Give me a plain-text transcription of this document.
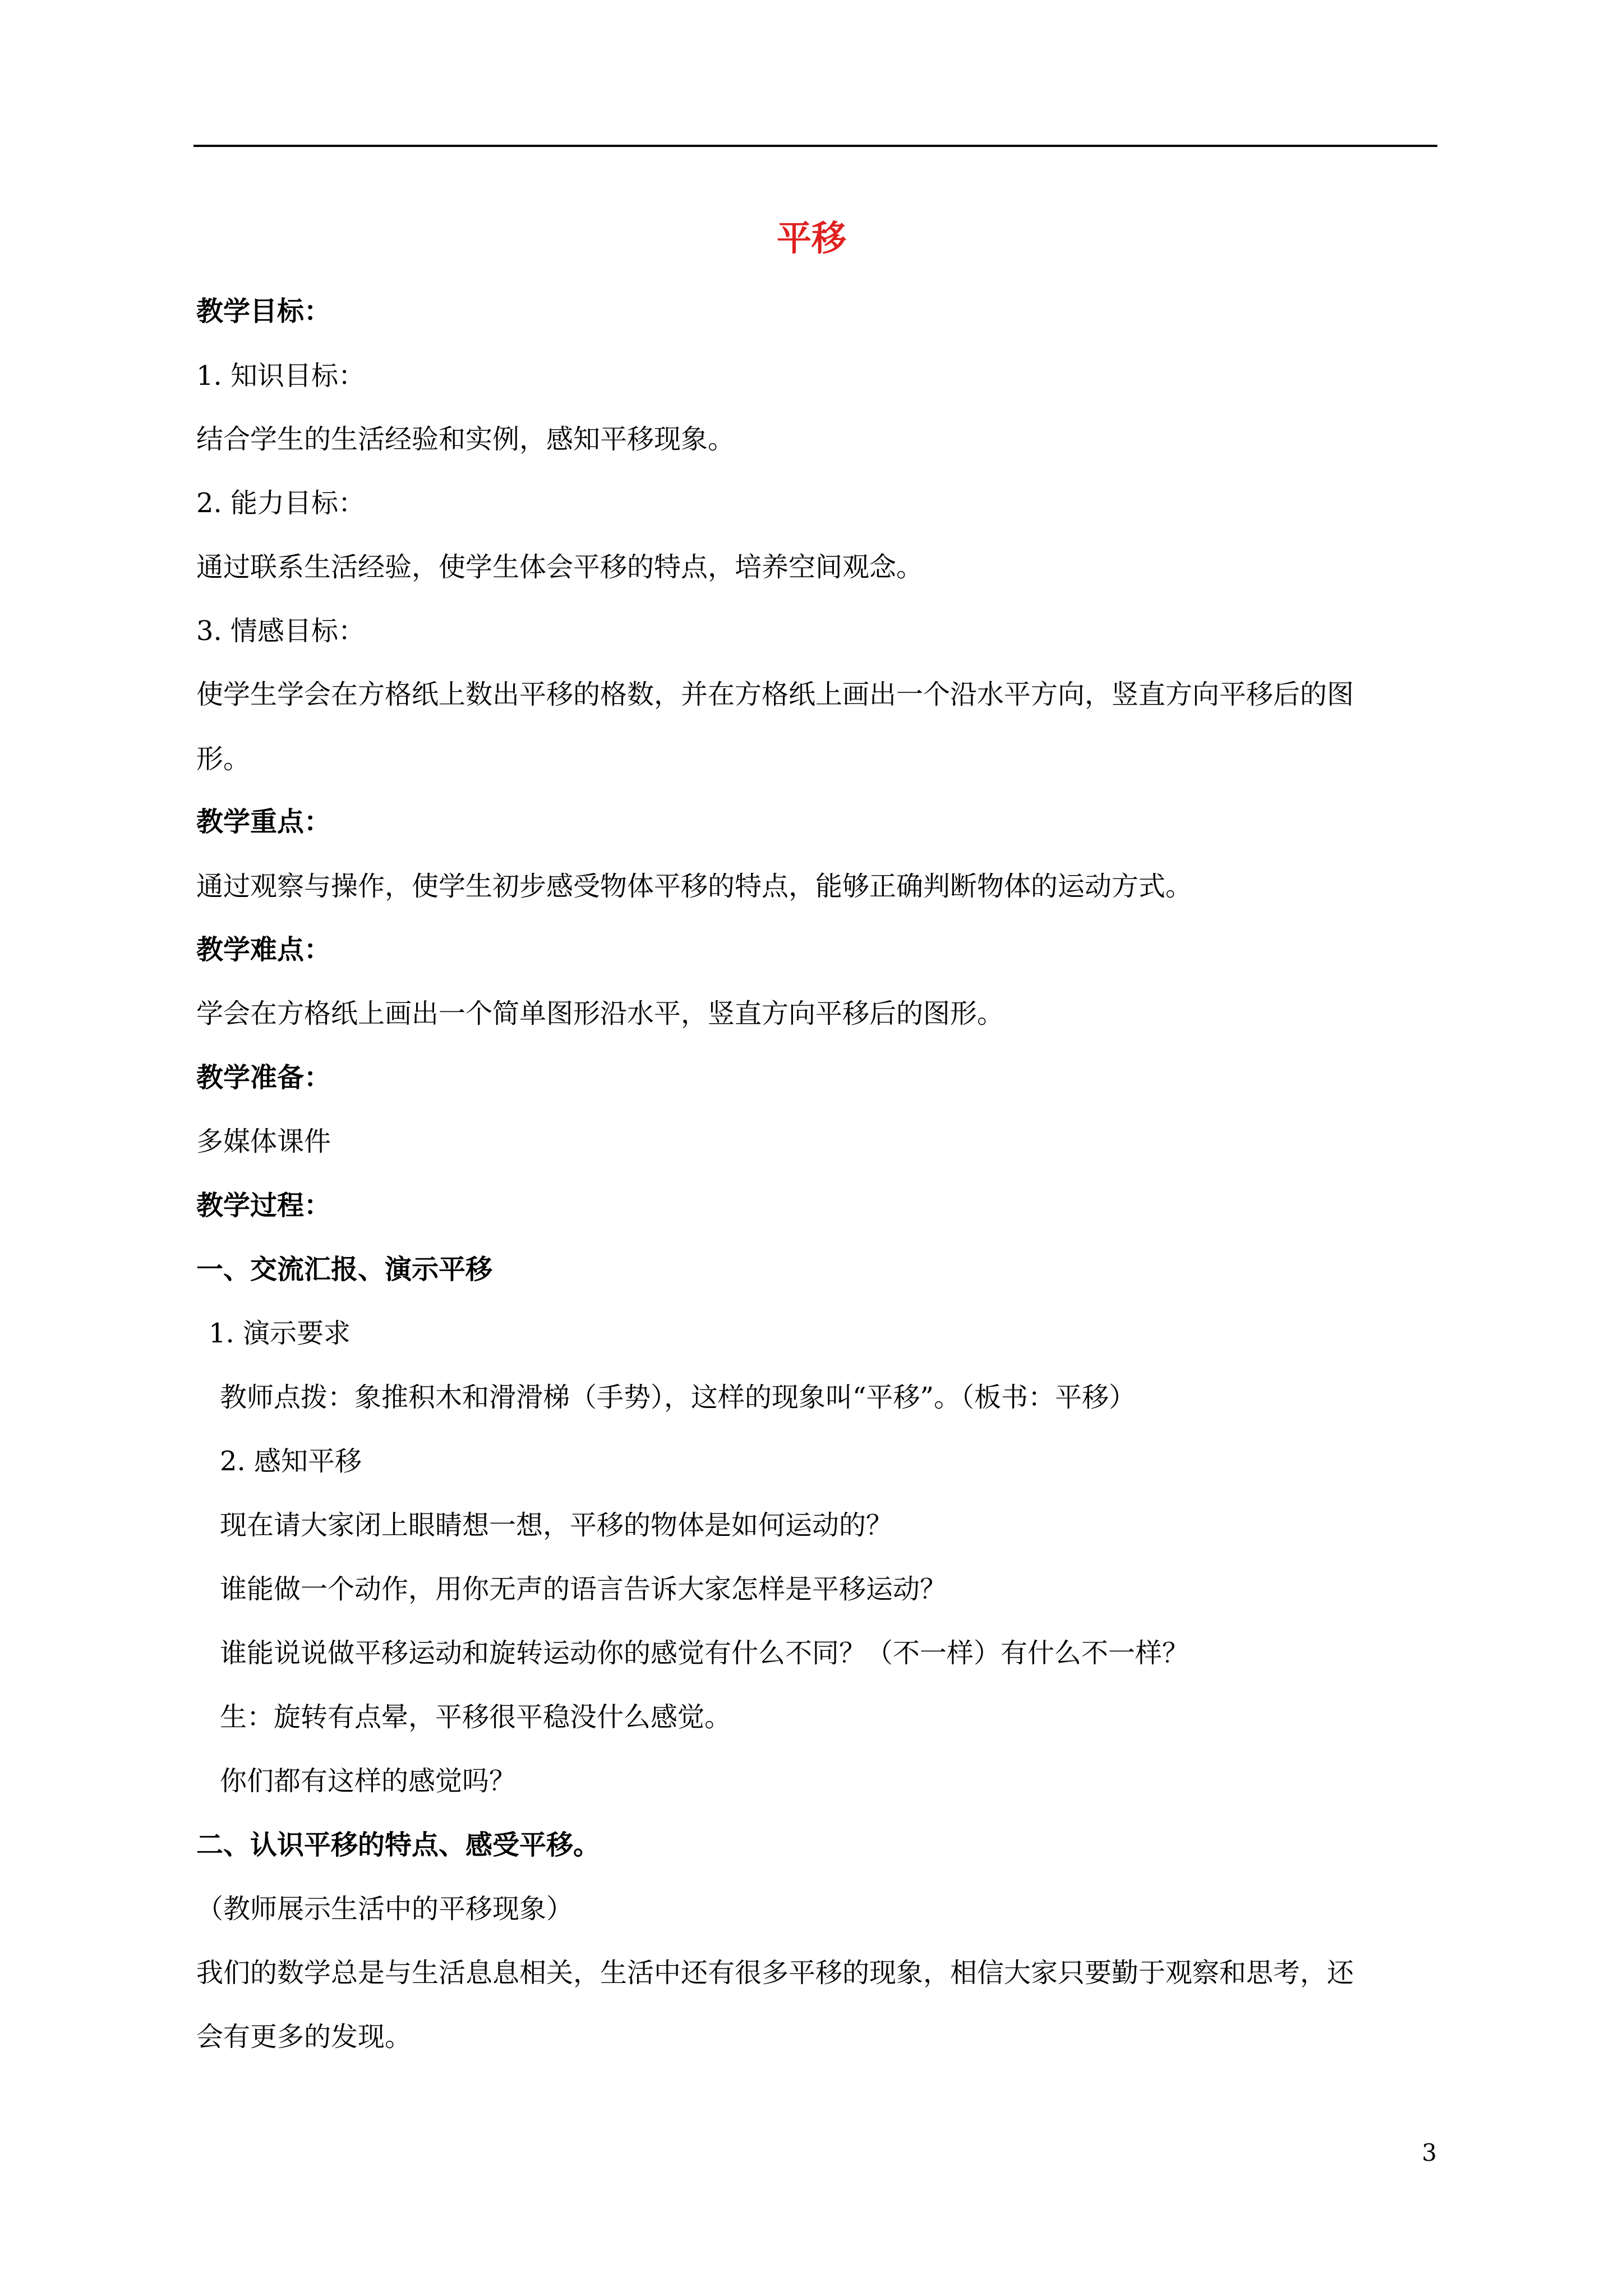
平移
教学目标：
1. 知识目标：
结合学生的生活经验和实例，感知平移现象。
2. 能力目标：
通过联系生活经验，使学生体会平移的特点，培养空间观念。
3. 情感目标：
使学生学会在方格纸上数出平移的格数，并在方格纸上画出一个沿水平方向，竖直方向平移后的图
形。
教学重点：
通过观察与操作，使学生初步感受物体平移的特点，能够正确判断物体的运动方式。
教学难点：
学会在方格纸上画出一个简单图形沿水平，竖直方向平移后的图形。
教学准备：
多媒体课件
教学过程：
一、交流汇报、演示平移
1. 演示要求
教师点拨：象推积木和滑滑梯（手势），这样的现象叫“平移”。（板书：平移）
2. 感知平移
现在请大家闭上眼睛想一想，平移的物体是如何运动的？
谁能做一个动作，用你无声的语言告诉大家怎样是平移运动？
谁能说说做平移运动和旋转运动你的感觉有什么不同？（不一样）有什么不一样？
生：旋转有点晕，平移很平稳没什么感觉。
你们都有这样的感觉吗？
二、认识平移的特点、感受平移。
（教师展示生活中的平移现象）
我们的数学总是与生活息息相关，生活中还有很多平移的现象，相信大家只要勤于观察和思考，还
会有更多的发现。
3
